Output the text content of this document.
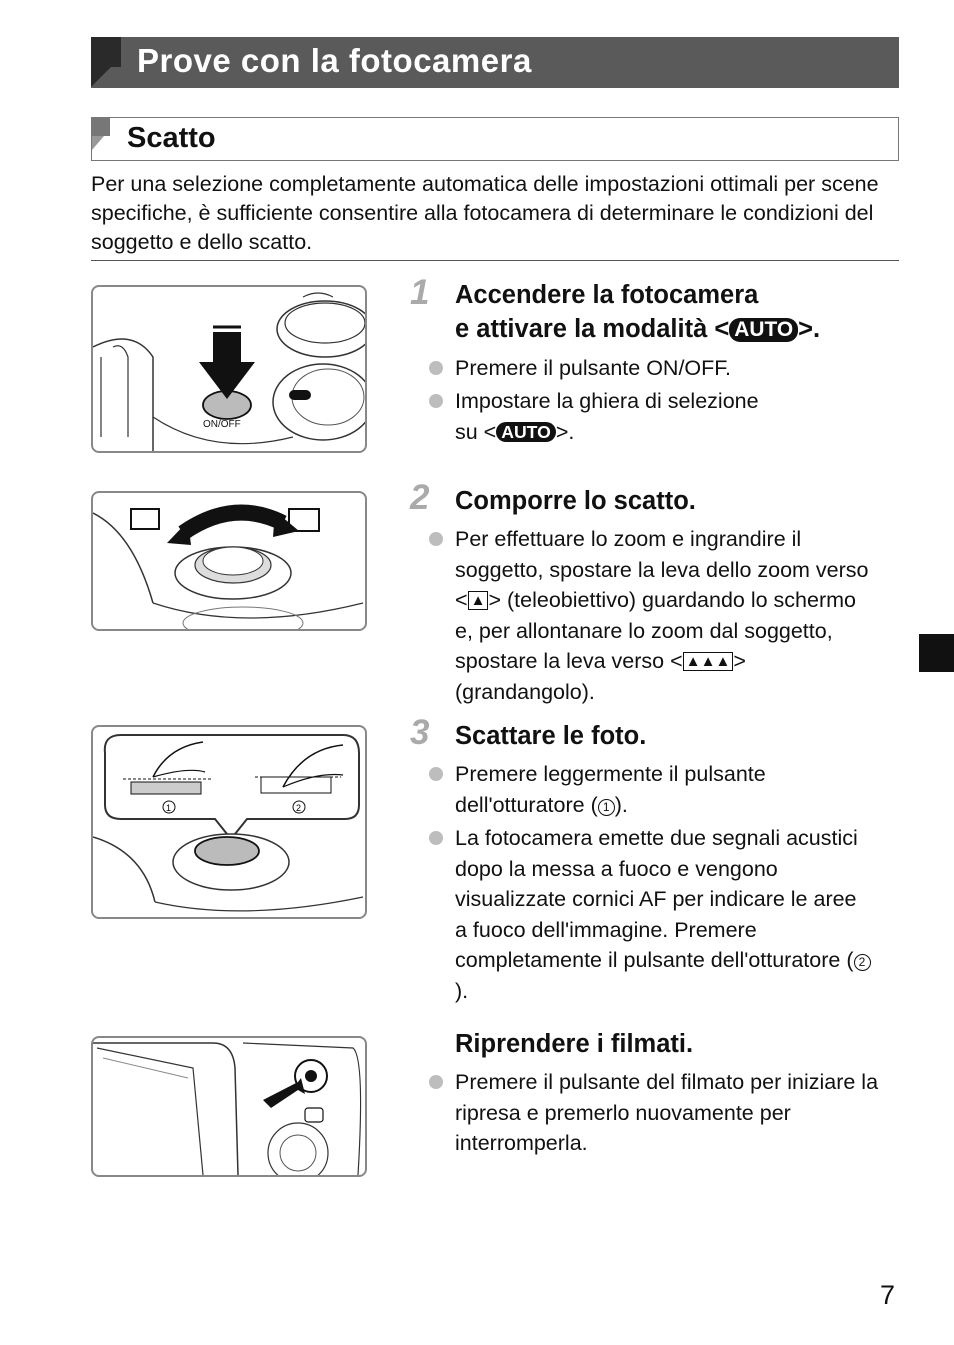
Prove con la fotocamera
Scatto
Per una selezione completamente automatica delle impostazioni ottimali per scene specifiche, è sufficiente consentire alla fotocamera di determinare le condizioni del soggetto e dello scatto.
ON/OFF
1	2
1 Accendere la fotocamera
e attivare la modalità < AUTO >.
Premere il pulsante ON/OFF.
Impostare la ghiera di selezione
su < AUTO >.
2 Comporre lo scatto.
Per effettuare lo zoom e ingrandire il soggetto, spostare la leva dello zoom verso < ▲ > (teleobiettivo) guardando lo schermo e, per allontanare lo zoom dal soggetto, spostare la leva verso < ▲▲▲ > (grandangolo).
3 Scattare le foto.
Premere leggermente il pulsante dell'otturatore ( 1 ).
La fotocamera emette due segnali acustici dopo la messa a fuoco e vengono visualizzate cornici AF per indicare le aree a fuoco dell'immagine. Premere completamente il pulsante dell'otturatore ( 2).
Riprendere i filmati.
Premere il pulsante del filmato per iniziare la ripresa e premerlo nuovamente per interromperla.
7
